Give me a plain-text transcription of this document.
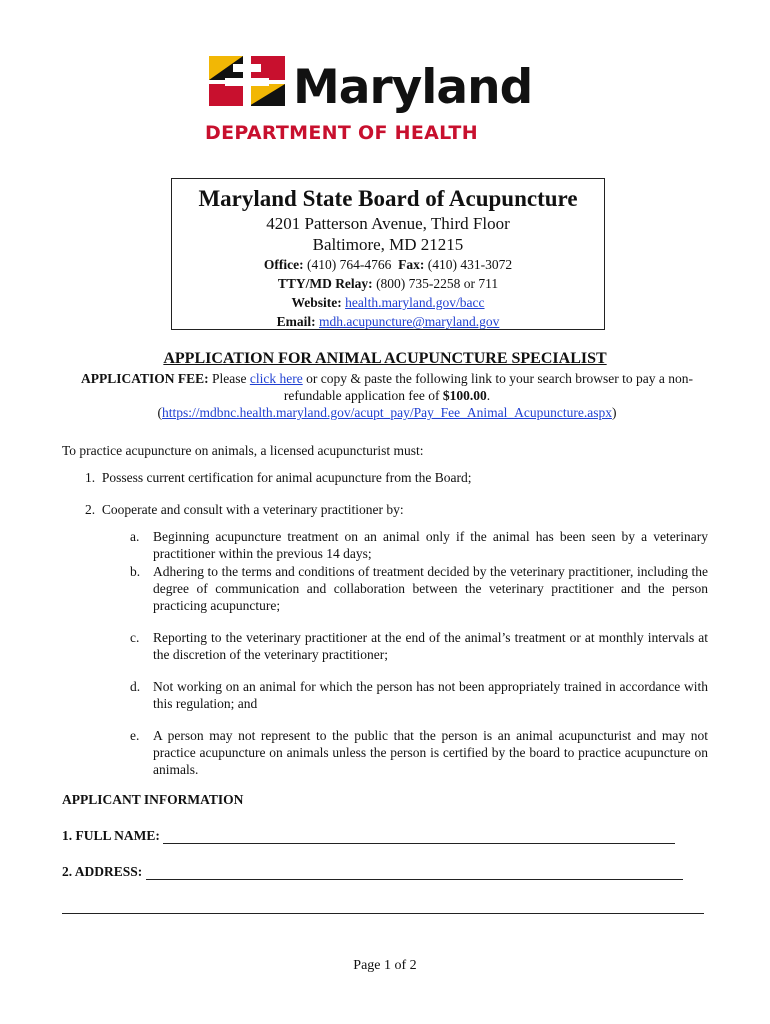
Maryland
DEPARTMENT OF HEALTH
Maryland State Board of Acupuncture
4201 Patterson Avenue, Third Floor
Baltimore, MD 21215
Office: (410) 764-4766 Fax: (410) 431-3072
TTY/MD Relay: (800) 735-2258 or 711
Website: health.maryland.gov/bacc
Email: mdh.acupuncture@maryland.gov
APPLICATION FOR ANIMAL ACUPUNCTURE SPECIALIST
APPLICATION FEE: Please click here or copy & paste the following link to your search browser to pay a non-refundable application fee of $100.00.
(https://mdbnc.health.maryland.gov/acupt_pay/Pay_Fee_Animal_Acupuncture.aspx)
To practice acupuncture on animals, a licensed acupuncturist must:
1. Possess current certification for animal acupuncture from the Board;
2. Cooperate and consult with a veterinary practitioner by:
a. Beginning acupuncture treatment on an animal only if the animal has been seen by a veterinary practitioner within the previous 14 days;
b. Adhering to the terms and conditions of treatment decided by the veterinary practitioner, including the degree of communication and collaboration between the veterinary practitioner and the person practicing acupuncture;
c. Reporting to the veterinary practitioner at the end of the animal’s treatment or at monthly intervals at the discretion of the veterinary practitioner;
d. Not working on an animal for which the person has not been appropriately trained in accordance with this regulation; and
e. A person may not represent to the public that the person is an animal acupuncturist and may not practice acupuncture on animals unless the person is certified by the board to practice acupuncture on animals.
APPLICANT INFORMATION
1. FULL NAME:
2. ADDRESS:
Page 1 of 2
